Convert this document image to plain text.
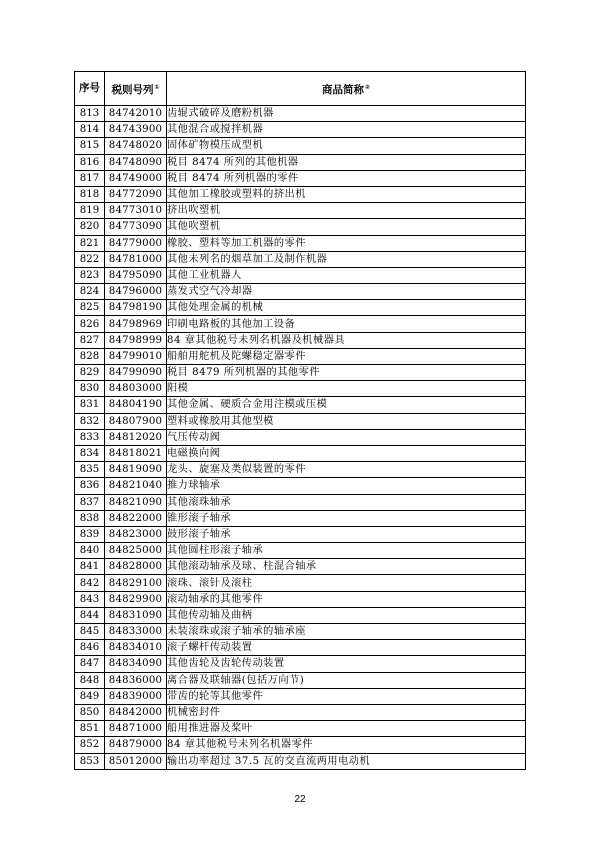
序号	税则号列①	商品简称②
813	84742010	齿辊式破碎及磨粉机器
814	84743900	其他混合或搅拌机器
815	84748020	固体矿物模压成型机
816	84748090	税目 8474 所列的其他机器
817	84749000	税目 8474 所列机器的零件
818	84772090	其他加工橡胶或塑料的挤出机
819	84773010	挤出吹塑机
820	84773090	其他吹塑机
821	84779000	橡胶、塑料等加工机器的零件
822	84781000	其他未列名的烟草加工及制作机器
823	84795090	其他工业机器人
824	84796000	蒸发式空气冷却器
825	84798190	其他处理金属的机械
826	84798969	印刷电路板的其他加工设备
827	84798999	84 章其他税号未列名机器及机械器具
828	84799010	船舶用舵机及陀螺稳定器零件
829	84799090	税目 8479 所列机器的其他零件
830	84803000	阳模
831	84804190	其他金属、硬质合金用注模或压模
832	84807900	塑料或橡胶用其他型模
833	84812020	气压传动阀
834	84818021	电磁换向阀
835	84819090	龙头、旋塞及类似装置的零件
836	84821040	推力球轴承
837	84821090	其他滚珠轴承
838	84822000	锥形滚子轴承
839	84823000	鼓形滚子轴承
840	84825000	其他圆柱形滚子轴承
841	84828000	其他滚动轴承及球、柱混合轴承
842	84829100	滚珠、滚针及滚柱
843	84829900	滚动轴承的其他零件
844	84831090	其他传动轴及曲柄
845	84833000	未装滚珠或滚子轴承的轴承座
846	84834010	滚子螺杆传动装置
847	84834090	其他齿轮及齿轮传动装置
848	84836000	离合器及联轴器(包括万向节)
849	84839000	带齿的轮等其他零件
850	84842000	机械密封件
851	84871000	船用推进器及桨叶
852	84879000	84 章其他税号未列名机器零件
853	85012000	输出功率超过 37.5 瓦的交直流两用电动机
22
